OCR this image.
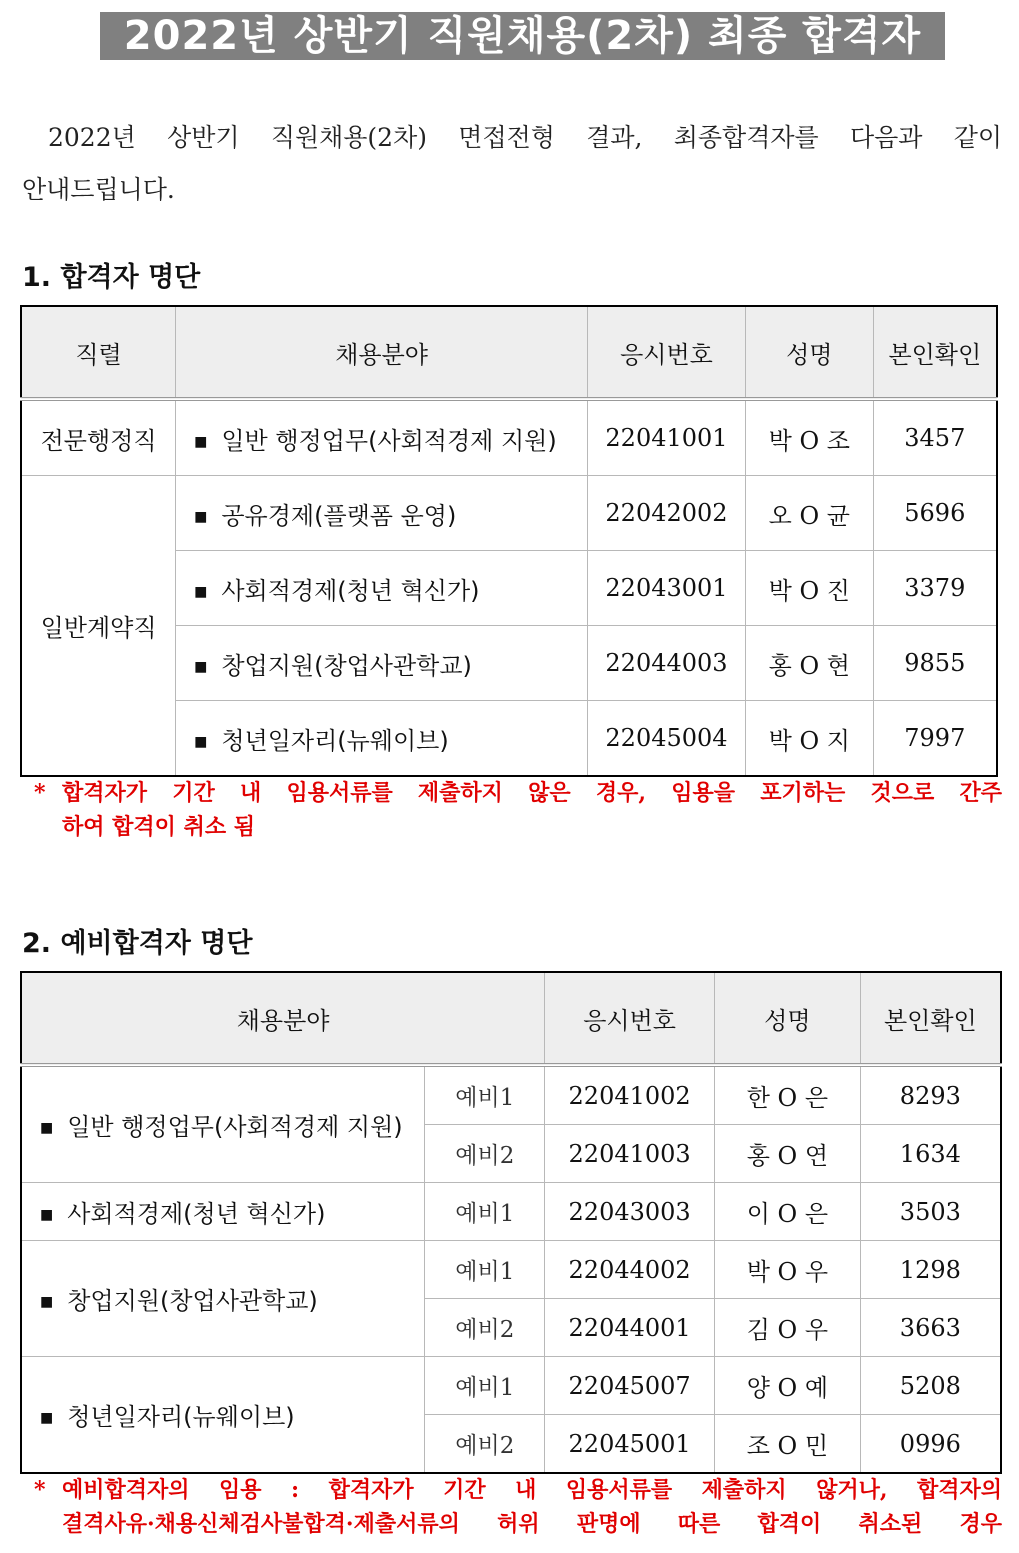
2022년 상반기 직원채용(2차) 최종 합격자
2022년 상반기 직원채용(2차) 면접전형 결과, 최종합격자를 다음과 같이
안내드립니다.
1. 합격자 명단
직렬	채용분야	응시번호	성명	본인확인
전문행정직	■ 일반 행정업무(사회적경제 지원)	22041001	박 O 조	3457
일반계약직	■ 공유경제(플랫폼 운영)	22042002	오 O 균	5696
	■ 사회적경제(청년 혁신가)	22043001	박 O 진	3379
	■ 창업지원(창업사관학교)	22044003	홍 O 현	9855
	■ 청년일자리(뉴웨이브)	22045004	박 O 지	7997
* 합격자가 기간 내 임용서류를 제출하지 않은 경우, 임용을 포기하는 것으로 간주
하여 합격이 취소 됨
2. 예비합격자 명단
채용분야		응시번호	성명	본인확인
■ 일반 행정업무(사회적경제 지원)	예비1	22041002	한 O 은	8293
	예비2	22041003	홍 O 연	1634
■ 사회적경제(청년 혁신가)	예비1	22043003	이 O 은	3503
■ 창업지원(창업사관학교)	예비1	22044002	박 O 우	1298
	예비2	22044001	김 O 우	3663
■ 청년일자리(뉴웨이브)	예비1	22045007	양 O 예	5208
	예비2	22045001	조 O 민	0996
* 예비합격자의 임용 : 합격자가 기간 내 임용서류를 제출하지 않거나, 합격자의
결격사유·채용신체검사불합격·제출서류의 허위 판명에 따른 합격이 취소된 경우
